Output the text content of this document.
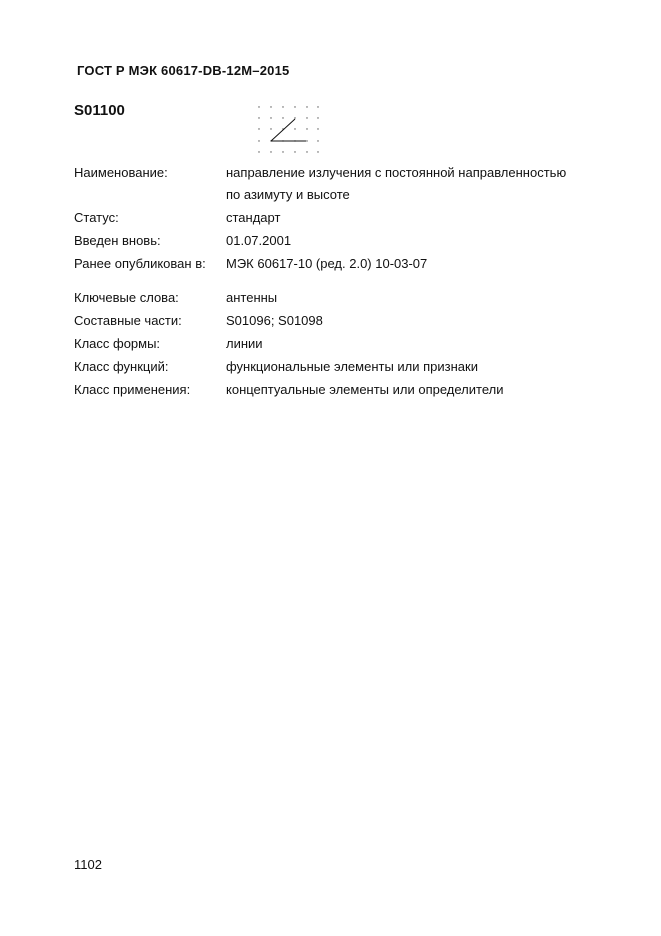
ГОСТ Р МЭК 60617-DB-12M–2015
S01100
Наименование:	направление излучения с постоянной направленностью
по азимуту и высоте
Статус:	стандарт
Введен вновь:	01.07.2001
Ранее опубликован в: МЭК 60617-10 (ред. 2.0) 10-03-07
Ключевые слова:	антенны
Составные части:	S01096; S01098
Класс формы:	линии
Класс функций:	функциональные элементы или признаки
Класс применения:	концептуальные элементы или определители
1102
